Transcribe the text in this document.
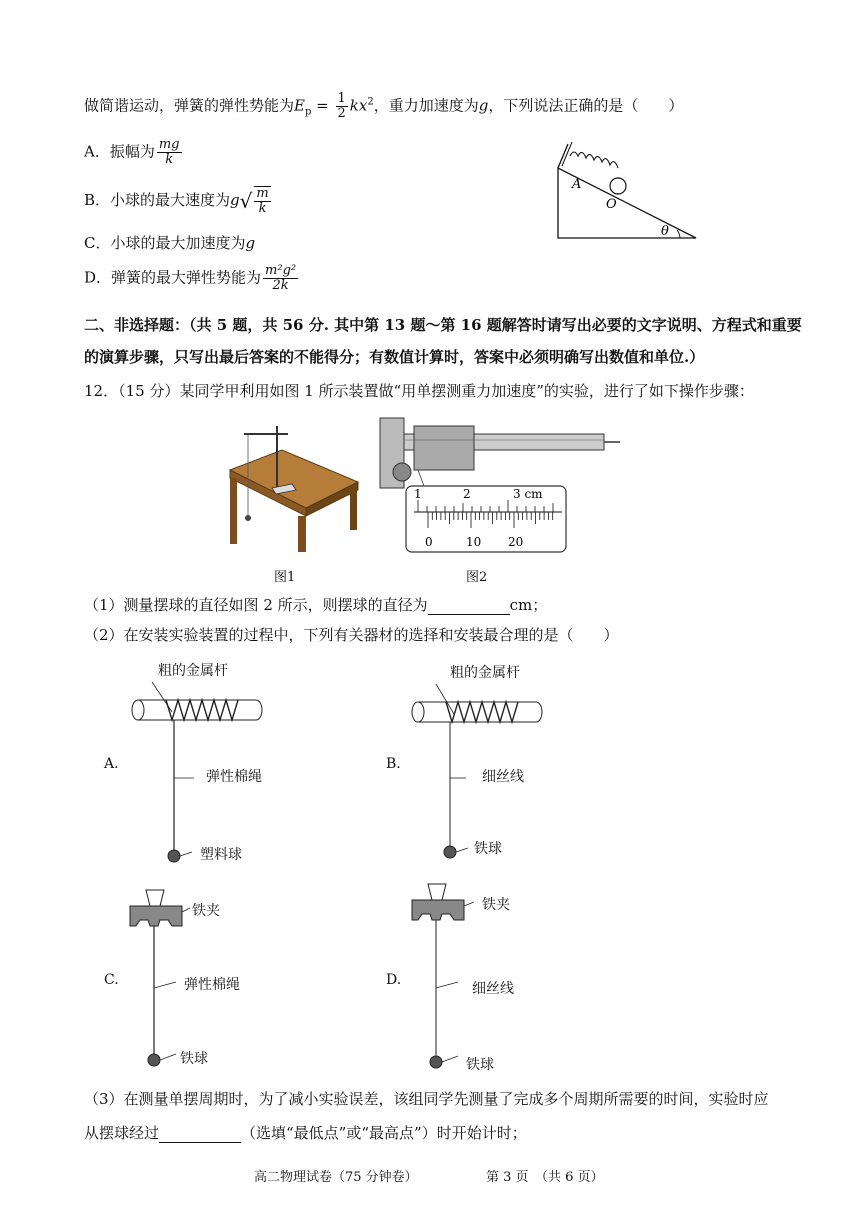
做简谐运动，弹簧的弹性势能为$E_p = \frac{1}{2} kx^2$，重力加速度为g，下列说法正确的是（　　）
A．振幅为 $\frac{mg}{k}$
B．小球的最大速度为$g√ \frac{m}{k}$
C．小球的最大加速度为g
D．弹簧的最大弹性势能为 $\frac{\text{m²g²}}{2k}$
A
O
θ
二、非选择题：（共 5 题，共 56 分. 其中第 13 题～第 16 题解答时请写出必要的文字说明、方程式和重要
的演算步骤，只写出最后答案的不能得分；有数值计算时，答案中必须明确写出数值和单位.）
12．（15 分）某同学甲利用如图 1 所示装置做“用单摆测重力加速度”的实验，进行了如下操作步骤：
图1
1	2	3 cm
0	10 20
图2
（1）测量摆球的直径如图 2 所示，则摆球的直径为	cm；
（2）在安装实验装置的过程中，下列有关器材的选择和安装最合理的是（　　）
粗的金属杆
A.
弹性棉绳
塑料球
粗的金属杆
B.
细丝线
铁球
铁夹
C.	弹性棉绳
铁球
铁夹
D.
细丝线
铁球
（3）在测量单摆周期时，为了减小实验误差，该组同学先测量了完成多个周期所需要的时间，实验时应
从摆球经过	（选填“最低点”或“最高点”）时开始计时；
高二物理试卷（75 分钟卷）	第 3 页　（共 6 页）
